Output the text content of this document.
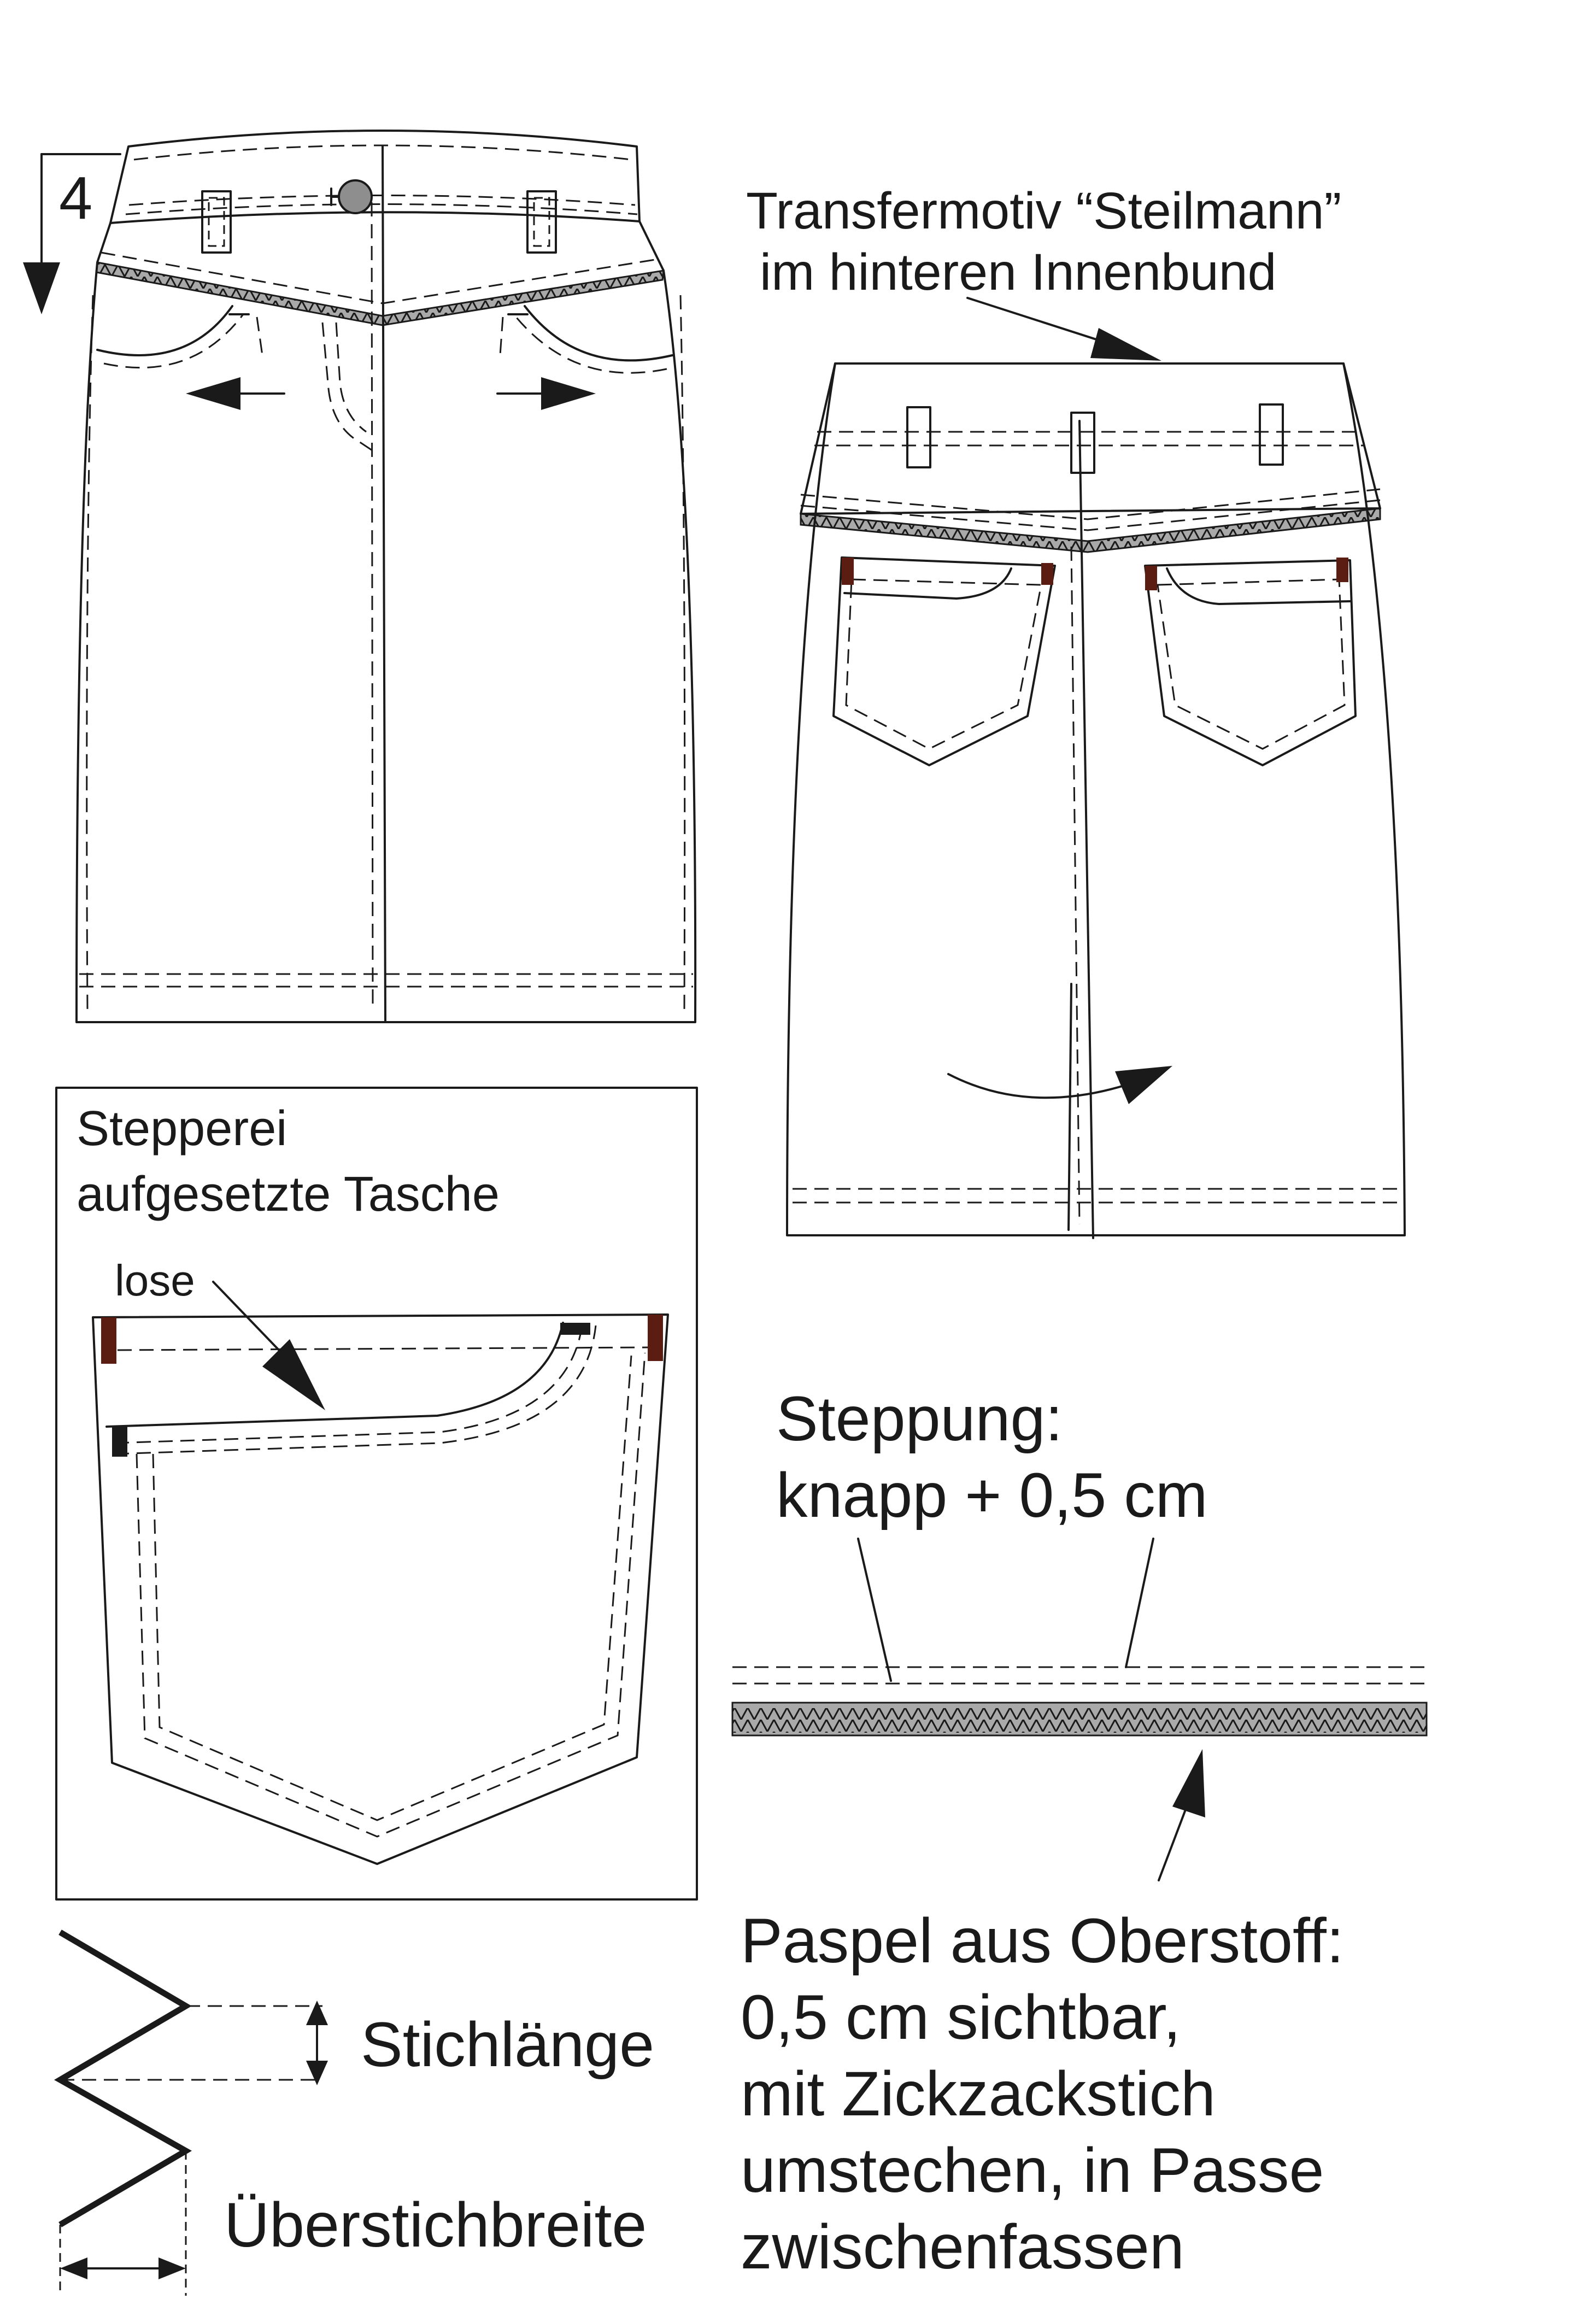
4	Transfermotiv “Steilmann”
im hinteren Innenbund
Stepperei
aufgesetzte Tasche
lose
Steppung:
knapp + 0,5 cm
Paspel aus Oberstoff:
0,5 cm sichtbar,
mit Zickzackstich
umstechen, in Passe
zwischenfassen
Stichlänge
Überstichbreite
